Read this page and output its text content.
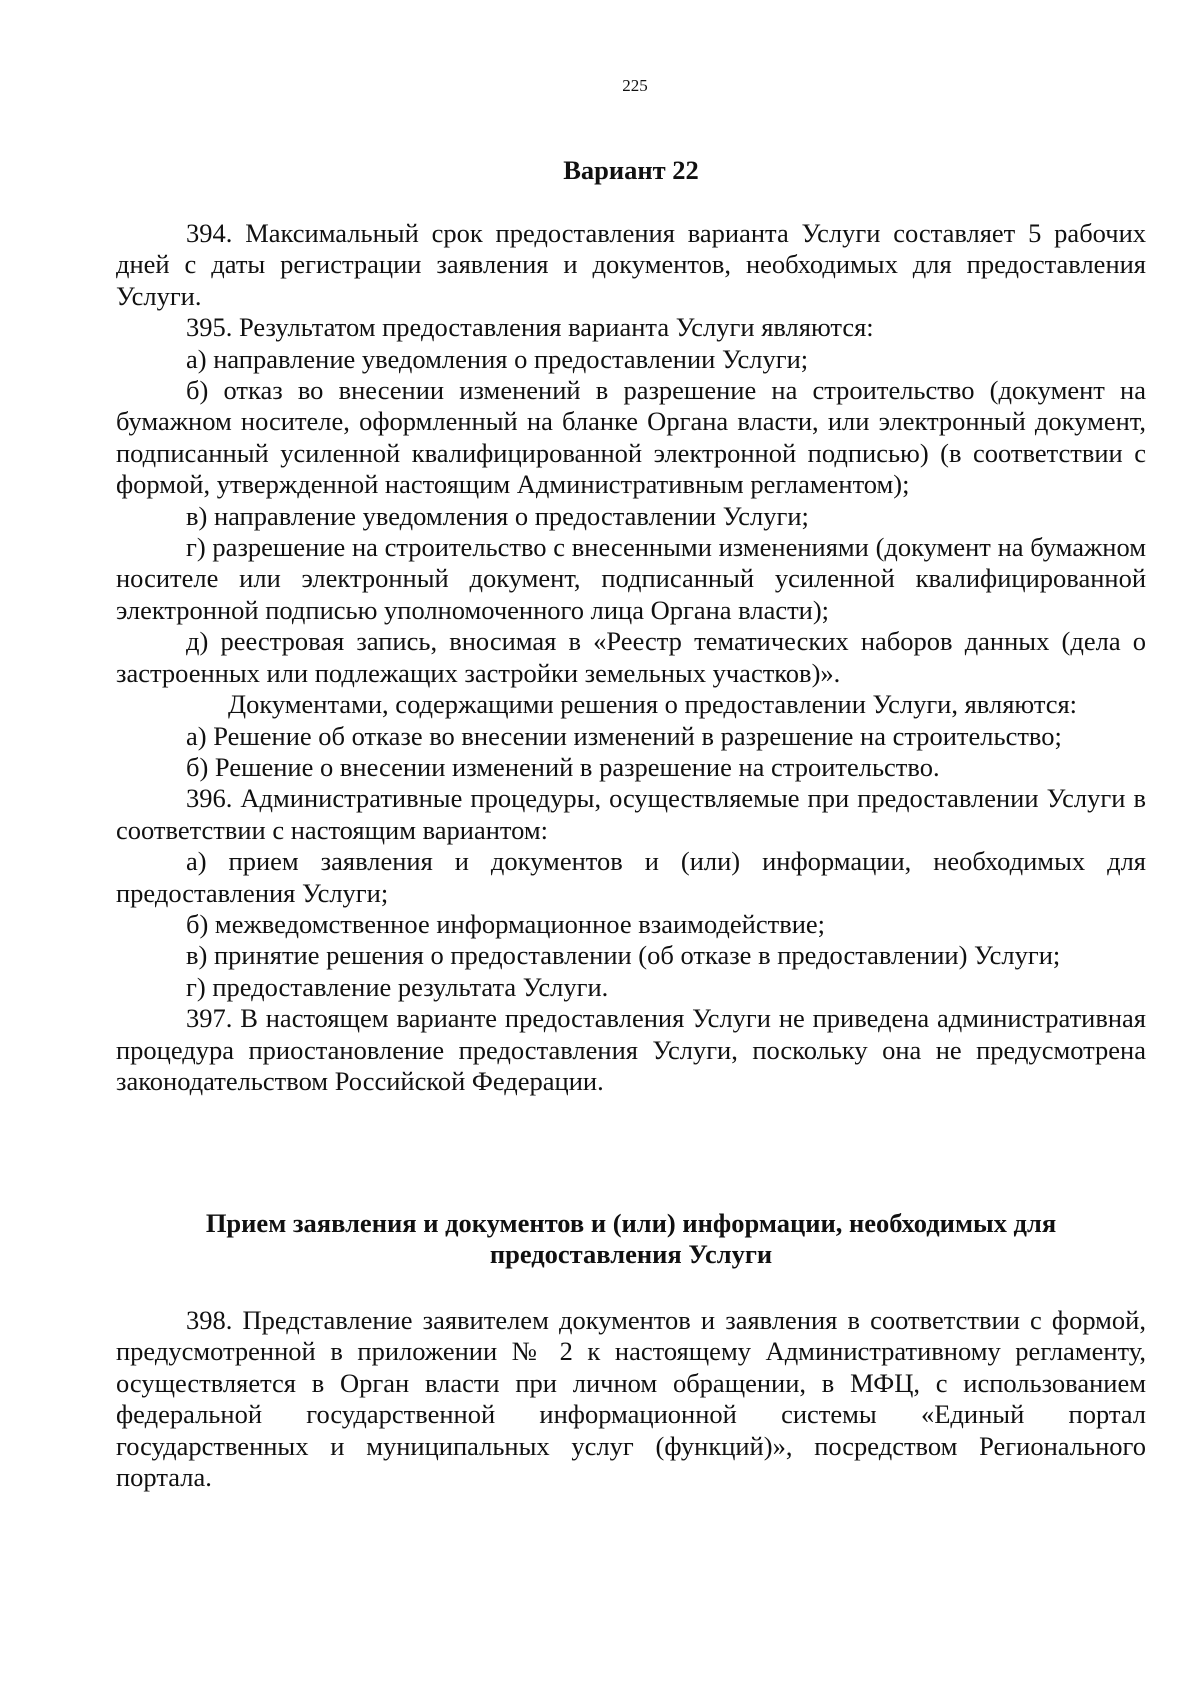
225
Вариант 22

394. Максимальный срок предоставления варианта Услуги составляет 5 рабочих дней с даты регистрации заявления и документов, необходимых для предоставления Услуги.

395. Результатом предоставления варианта Услуги являются:

а) направление уведомления о предоставлении Услуги;

б) отказ во внесении изменений в разрешение на строительство (документ на бумажном носителе, оформленный на бланке Органа власти, или электронный документ, подписанный усиленной квалифицированной электронной подписью) (в соответствии с формой, утвержденной настоящим Административным регламентом);

в) направление уведомления о предоставлении Услуги;

г) разрешение на строительство с внесенными изменениями (документ на бумажном носителе или электронный документ, подписанный усиленной квалифицированной электронной подписью уполномоченного лица Органа власти);

д) реестровая запись, вносимая в «Реестр тематических наборов данных (дела о застроенных или подлежащих застройки земельных участков)».

Документами, содержащими решения о предоставлении Услуги, являются:

а) Решение об отказе во внесении изменений в разрешение на строительство;

б) Решение о внесении изменений в разрешение на строительство.

396. Административные процедуры, осуществляемые при предоставлении Услуги в соответствии с настоящим вариантом:

а) прием заявления и документов и (или) информации, необходимых для предоставления Услуги;

б) межведомственное информационное взаимодействие;

в) принятие решения о предоставлении (об отказе в предоставлении) Услуги;

г) предоставление результата Услуги.

397. В настоящем варианте предоставления Услуги не приведена административная процедура приостановление предоставления Услуги, поскольку она не предусмотрена законодательством Российской Федерации.

Прием заявления и документов и (или) информации, необходимых для
предоставления Услуги

398. Представление заявителем документов и заявления в соответствии с формой, предусмотренной в приложении № 2 к настоящему Административному регламенту, осуществляется в Орган власти при личном обращении, в МФЦ, с использованием федеральной государственной информационной системы «Единый портал государственных и муниципальных услуг (функций)», посредством Регионального портала.
